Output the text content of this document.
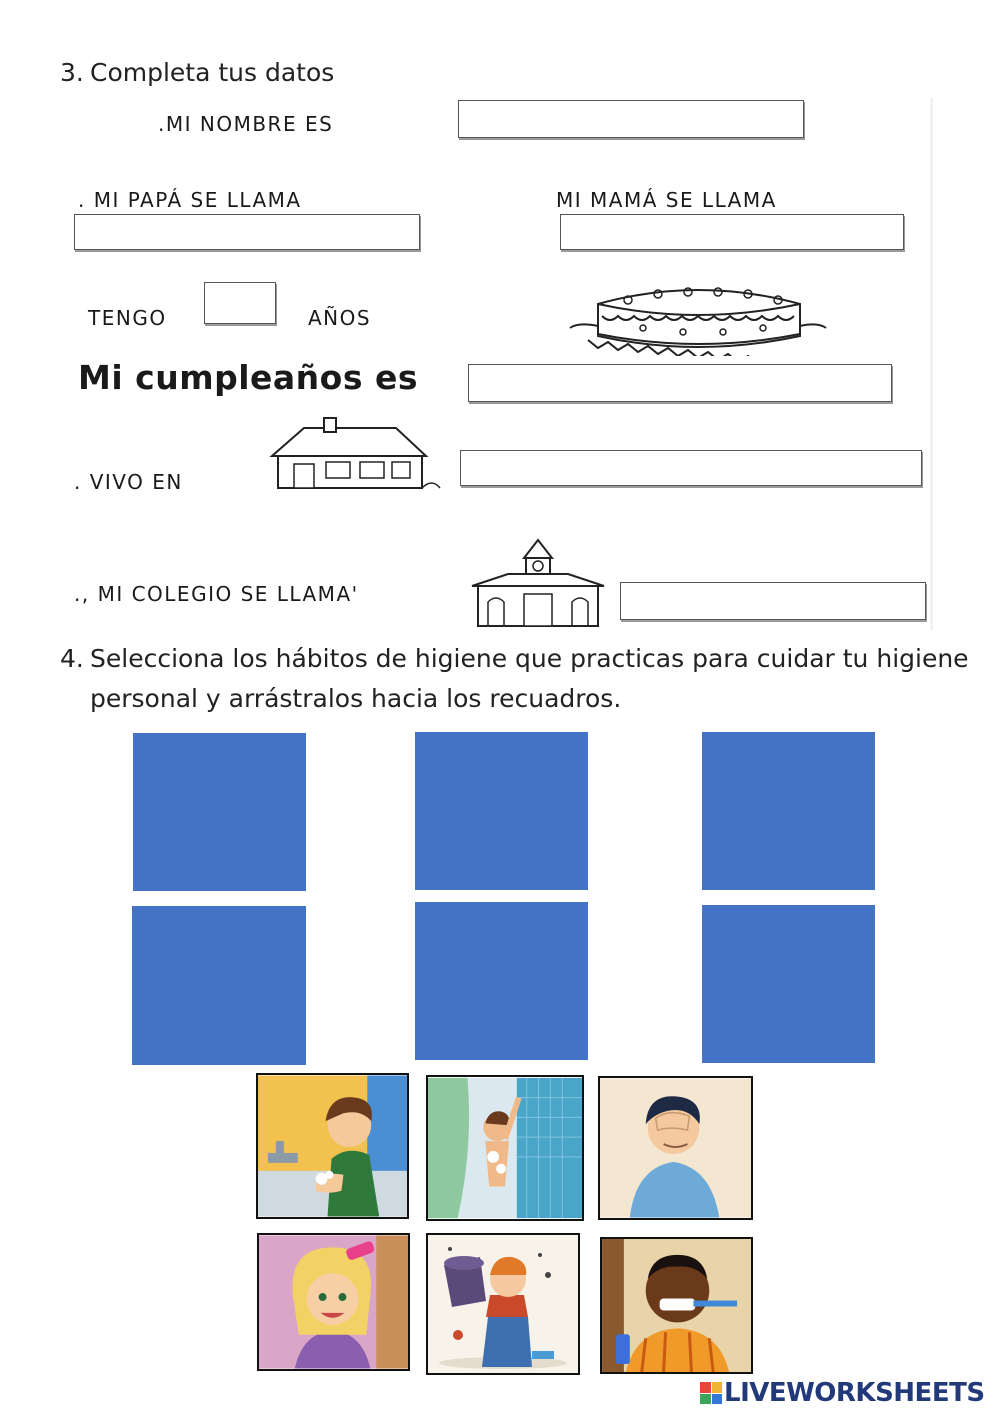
3. Completa tus datos
.MI NOMBRE ES
. MI PAPÁ SE LLAMA	MI MAMÁ SE LLAMA
TENGO	AÑOS
Mi cumpleaños es
. VIVO EN
., MI COLEGIO SE LLAMA'
4. Selecciona los hábitos de higiene que practicas para cuidar tu higiene
personal y arrástralos hacia los recuadros.
LIVEWORKSHEETS
